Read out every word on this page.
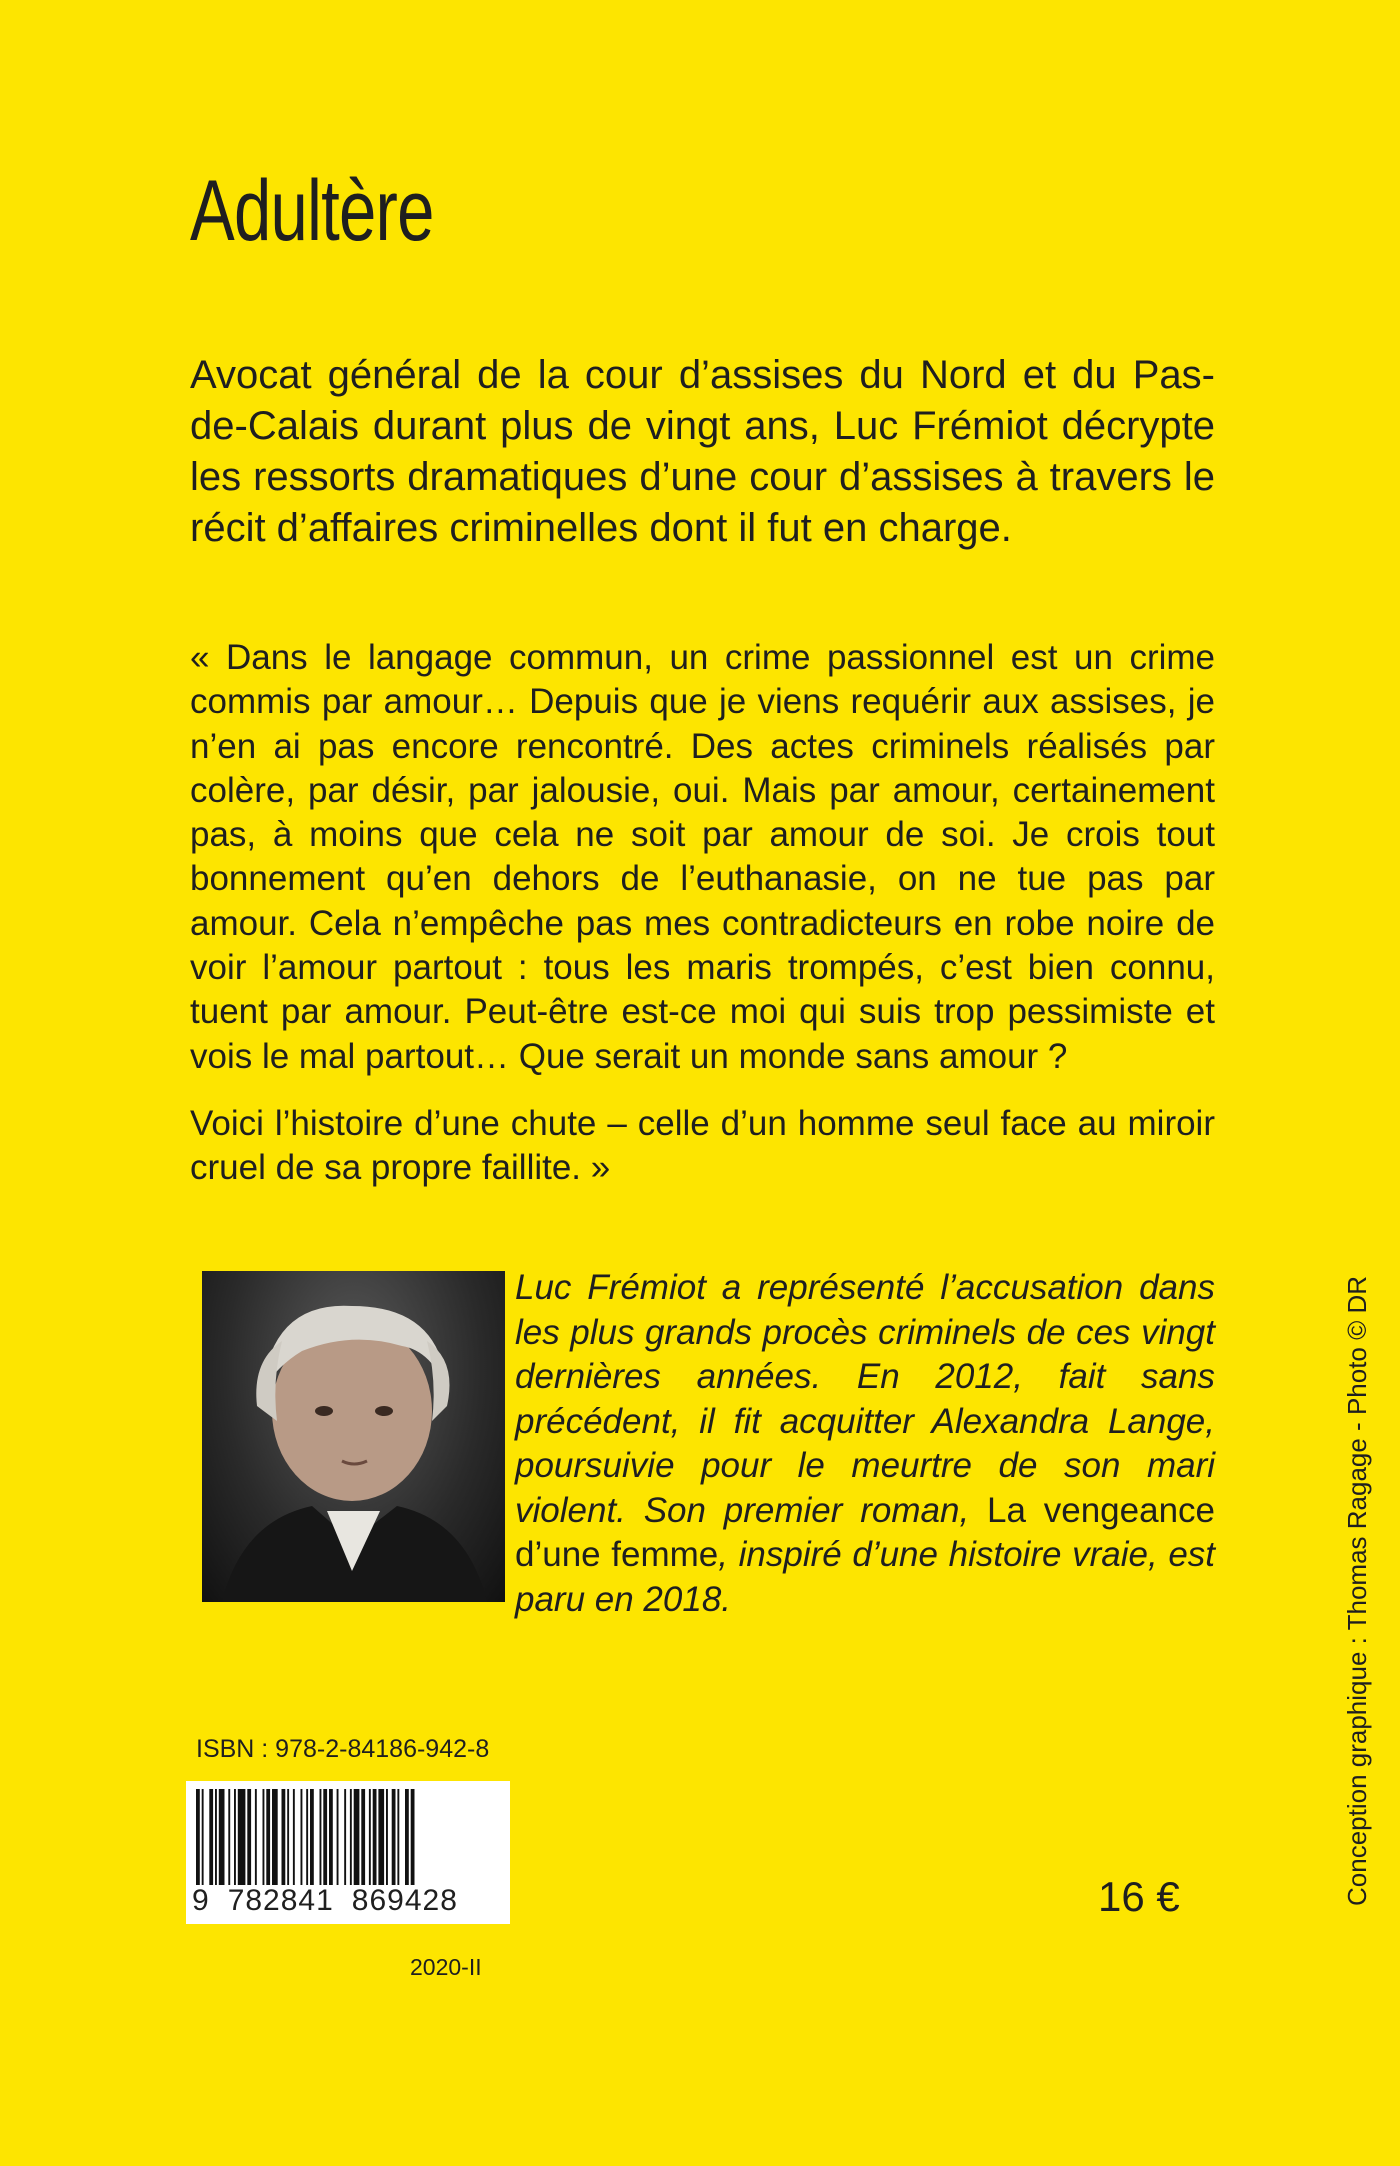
Adultère

Avocat général de la cour d’assises du Nord et du Pas-de-Calais durant plus de vingt ans, Luc Frémiot décrypte les ressorts dramatiques d’une cour d’assises à travers le récit d’affaires criminelles dont il fut en charge.

« Dans le langage commun, un crime passionnel est un crime commis par amour… Depuis que je viens requérir aux assises, je n’en ai pas encore rencontré. Des actes criminels réalisés par colère, par désir, par jalousie, oui. Mais par amour, certainement pas, à moins que cela ne soit par amour de soi. Je crois tout bonnement qu’en dehors de l’euthanasie, on ne tue pas par amour. Cela n’empêche pas mes contradicteurs en robe noire de voir l’amour partout : tous les maris trompés, c’est bien connu, tuent par amour. Peut-être est-ce moi qui suis trop pessimiste et vois le mal partout… Que serait un monde sans amour ?

Voici l’histoire d’une chute – celle d’un homme seul face au miroir cruel de sa propre faillite. »

Luc Frémiot a représenté l’accusation dans les plus grands procès criminels de ces vingt dernières années. En 2012, fait sans précédent, il fit acquitter Alexandra Lange, poursuivie pour le meurtre de son mari violent. Son premier roman, La vengeance d’une femme, inspiré d’une histoire vraie, est paru en 2018.

ISBN : 978-2-84186-942-8

9 782841 869428	16 €

2020-II

Conception graphique : Thomas Ragage - Photo © DR
